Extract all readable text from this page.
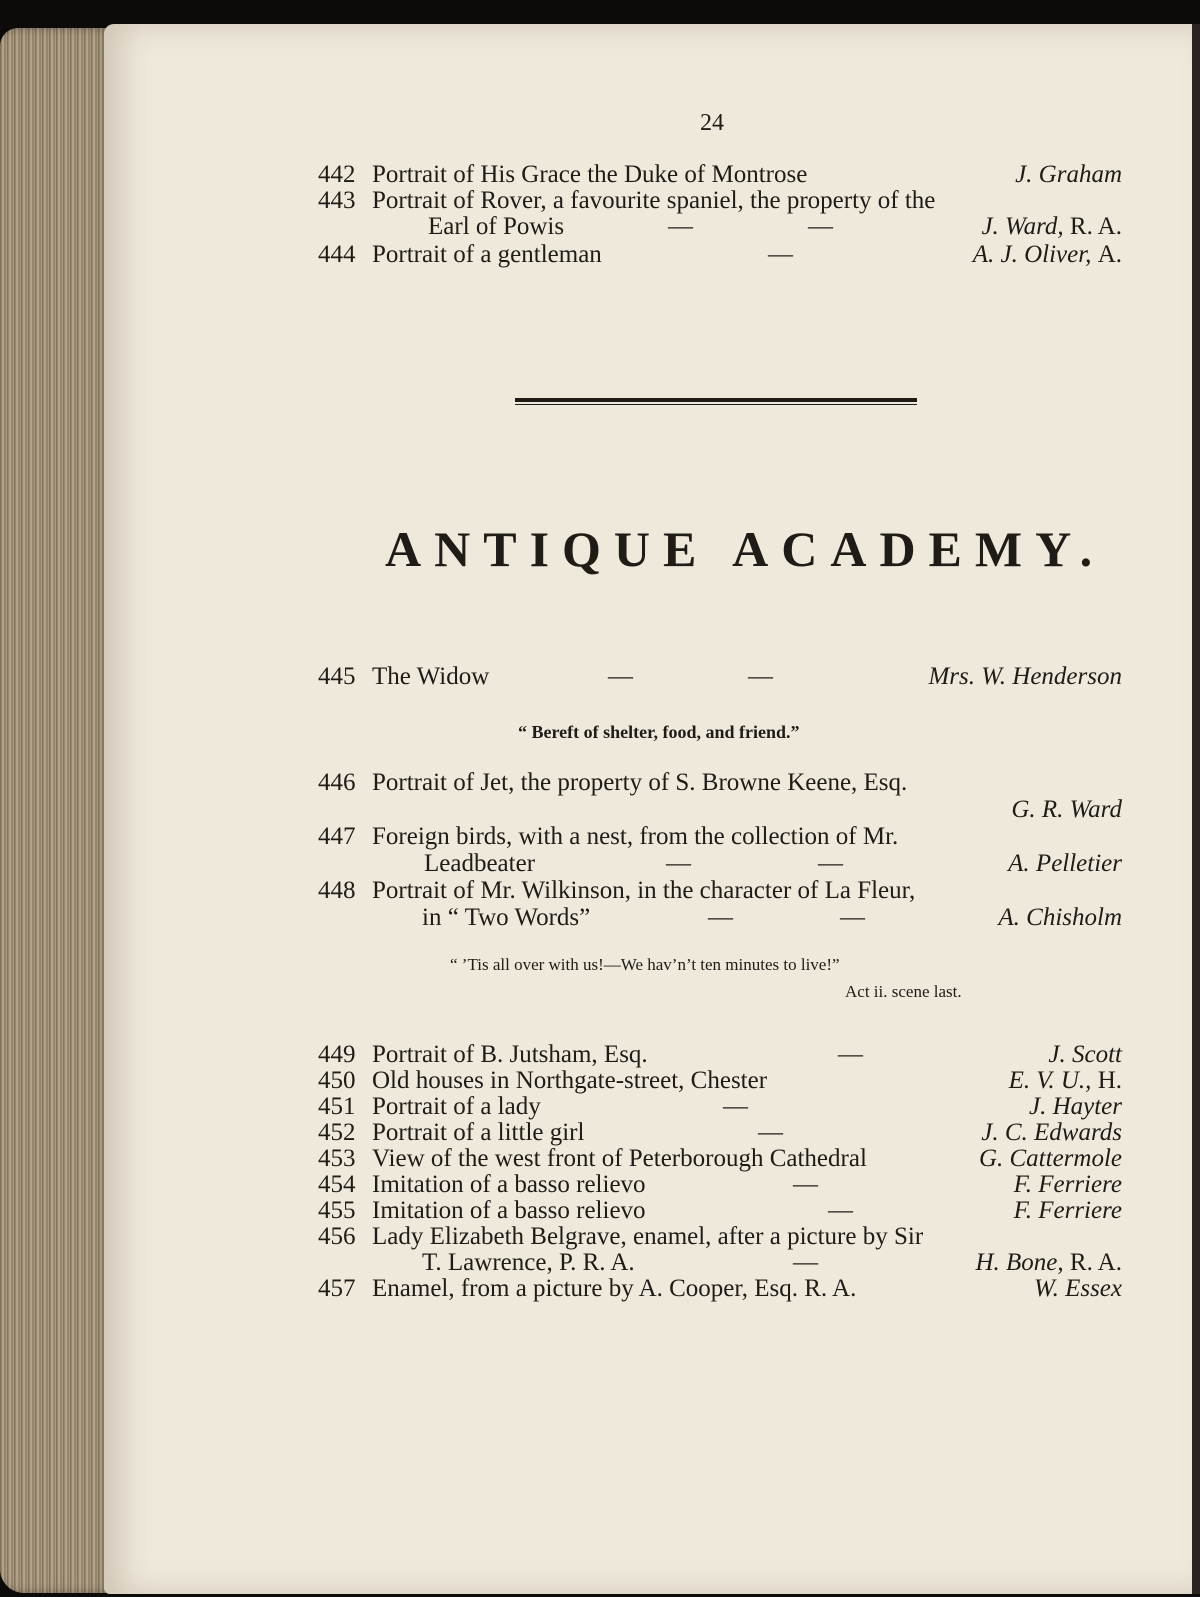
24
442 Portrait of His Grace the Duke of Montrose	J. Graham
443 Portrait of Rover, a favourite spaniel, the property of the
Earl of Powis	—	—	J. Ward, R. A.
444 Portrait of a gentleman	—	A. J. Oliver, A.
ANTIQUE ACADEMY.
445 The Widow	—	—	Mrs. W. Henderson
“ Bereft of shelter, food, and friend.”
446 Portrait of Jet, the property of S. Browne Keene, Esq.
G. R. Ward
447 Foreign birds, with a nest, from the collection of Mr.
Leadbeater	—	—	A. Pelletier
448 Portrait of Mr. Wilkinson, in the character of La Fleur,
in “ Two Words”	—	—	A. Chisholm
“ ’Tis all over with us!—We hav’n’t ten minutes to live!”
Act ii. scene last.
449 Portrait of B. Jutsham, Esq.	—	J. Scott
450 Old houses in Northgate-street, Chester	E. V. U., H.
451 Portrait of a lady	—	J. Hayter
452 Portrait of a little girl	—	J. C. Edwards
453 View of the west front of Peterborough Cathedral	G. Cattermole
454 Imitation of a basso relievo	—	F. Ferriere
455 Imitation of a basso relievo	—	F. Ferriere
456 Lady Elizabeth Belgrave, enamel, after a picture by Sir
T. Lawrence, P. R. A.	—	H. Bone, R. A.
457 Enamel, from a picture by A. Cooper, Esq. R. A.	W. Essex
